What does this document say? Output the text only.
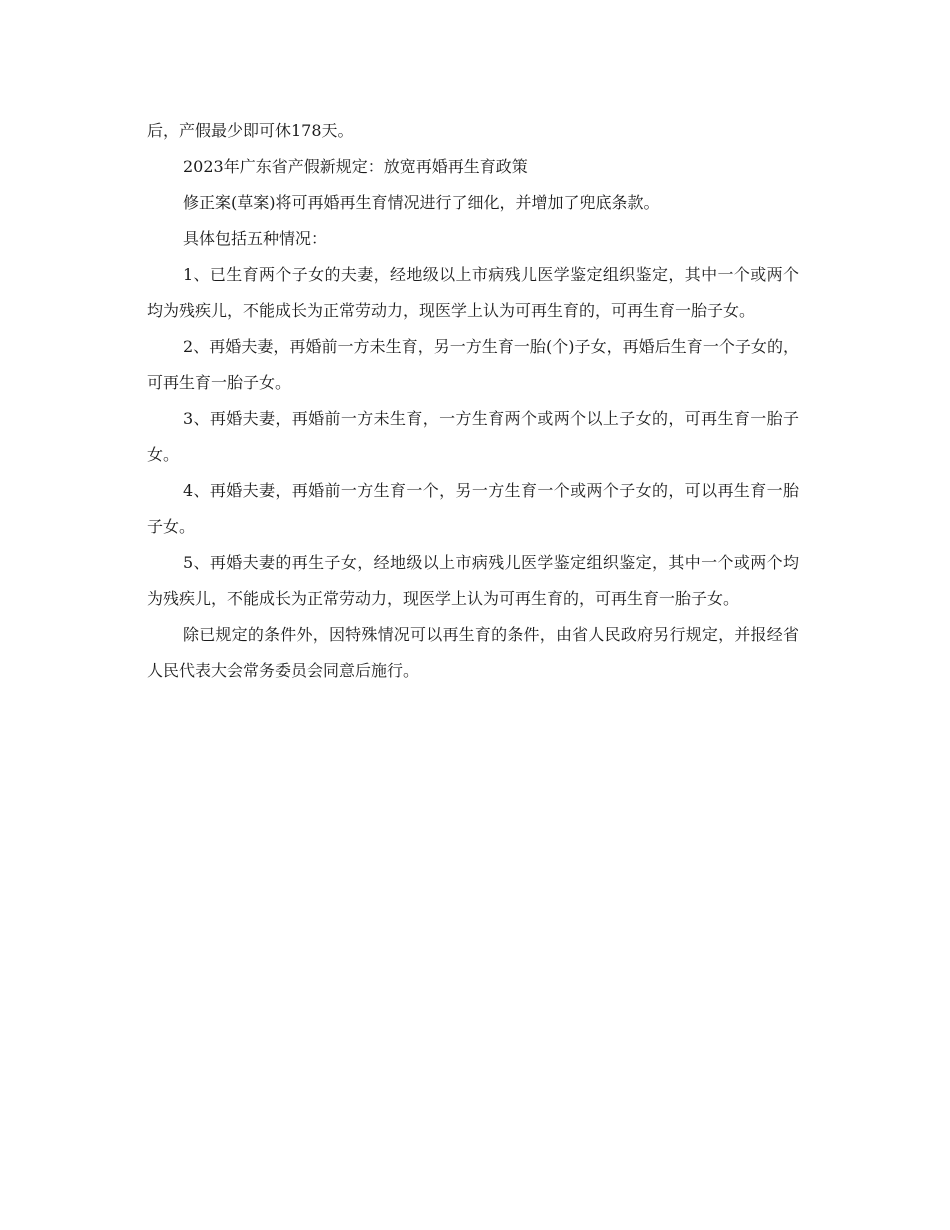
后，产假最少即可休178天。

2023年广东省产假新规定：放宽再婚再生育政策

修正案(草案)将可再婚再生育情况进行了细化，并增加了兜底条款。

具体包括五种情况：

1、已生育两个子女的夫妻，经地级以上市病残儿医学鉴定组织鉴定，其中一个或两个均为残疾儿，不能成长为正常劳动力，现医学上认为可再生育的，可再生育一胎子女。

2、再婚夫妻，再婚前一方未生育，另一方生育一胎(个)子女，再婚后生育一个子女的，可再生育一胎子女。

3、再婚夫妻，再婚前一方未生育，一方生育两个或两个以上子女的，可再生育一胎子女。

4、再婚夫妻，再婚前一方生育一个，另一方生育一个或两个子女的，可以再生育一胎子女。

5、再婚夫妻的再生子女，经地级以上市病残儿医学鉴定组织鉴定，其中一个或两个均为残疾儿，不能成长为正常劳动力，现医学上认为可再生育的，可再生育一胎子女。

除已规定的条件外，因特殊情况可以再生育的条件，由省人民政府另行规定，并报经省人民代表大会常务委员会同意后施行。
